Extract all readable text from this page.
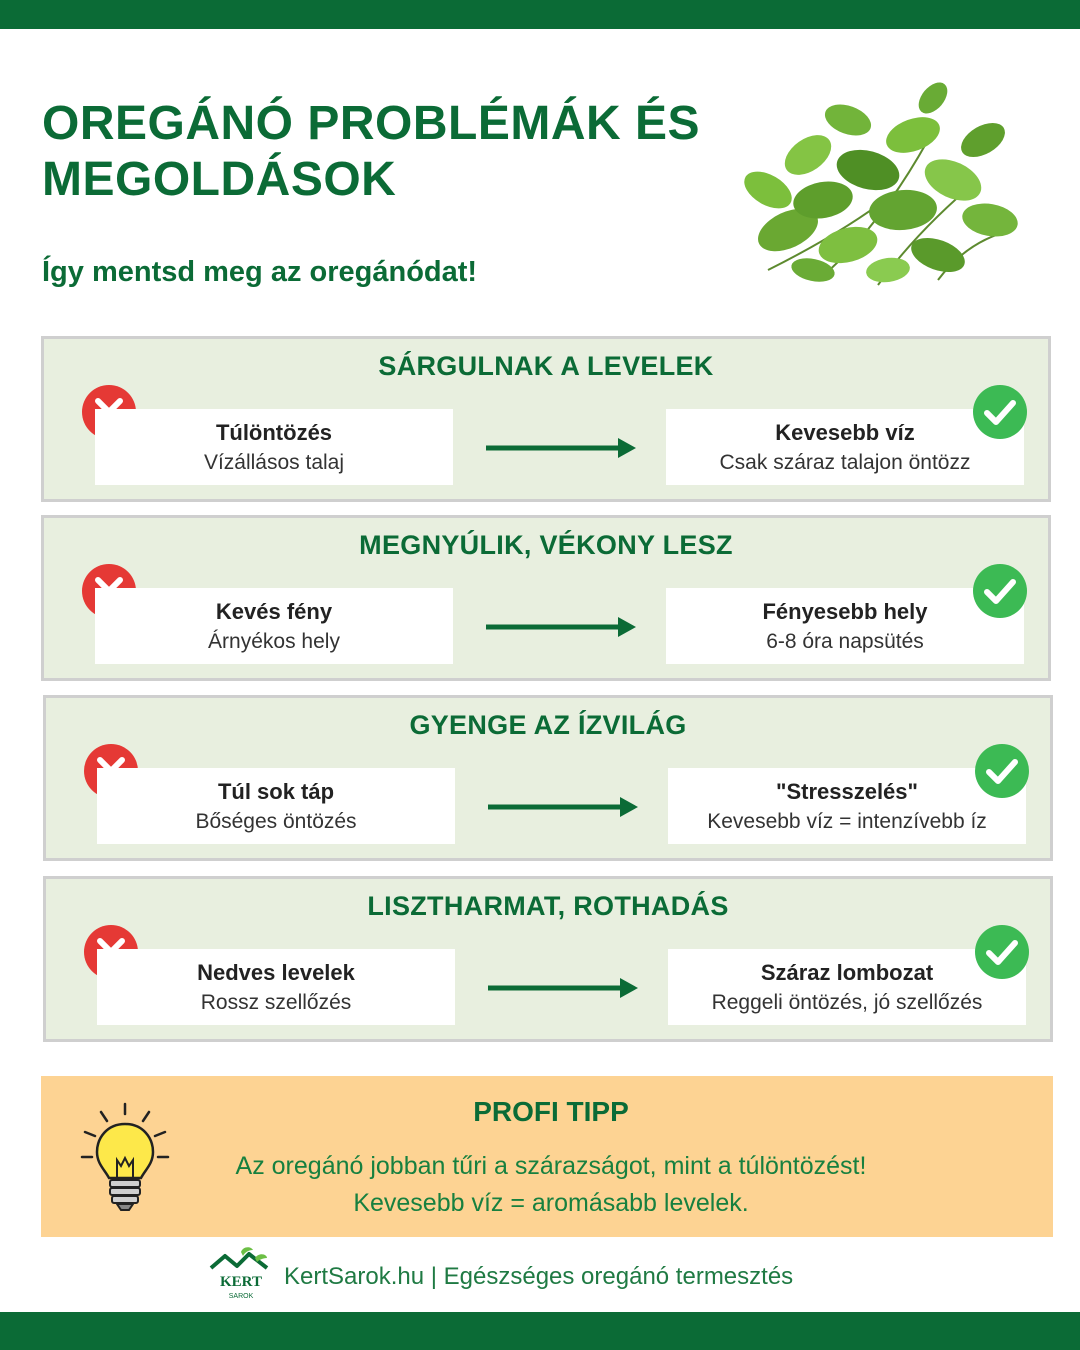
OREGÁNÓ PROBLÉMÁK ÉS MEGOLDÁSOK
Így mentsd meg az oregánódat!
SÁRGULNAK A LEVELEK
Túlöntözés
Vízállásos talaj
Kevesebb víz
Csak száraz talajon öntözz
MEGNYÚLIK, VÉKONY LESZ
Kevés fény
Árnyékos hely
Fényesebb hely
6-8 óra napsütés
GYENGE AZ ÍZVILÁG
Túl sok táp
Bőséges öntözés
"Stresszelés"
Kevesebb víz = intenzívebb íz
LISZTHARMAT, ROTHADÁS
Nedves levelek
Rossz szellőzés
Száraz lombozat
Reggeli öntözés, jó szellőzés
PROFI TIPP
Az oregánó jobban tűri a szárazságot, mint a túlöntözést!
Kevesebb víz = aromásabb levelek.
KERT
SAROK
KertSarok.hu | Egészséges oregánó termesztés
